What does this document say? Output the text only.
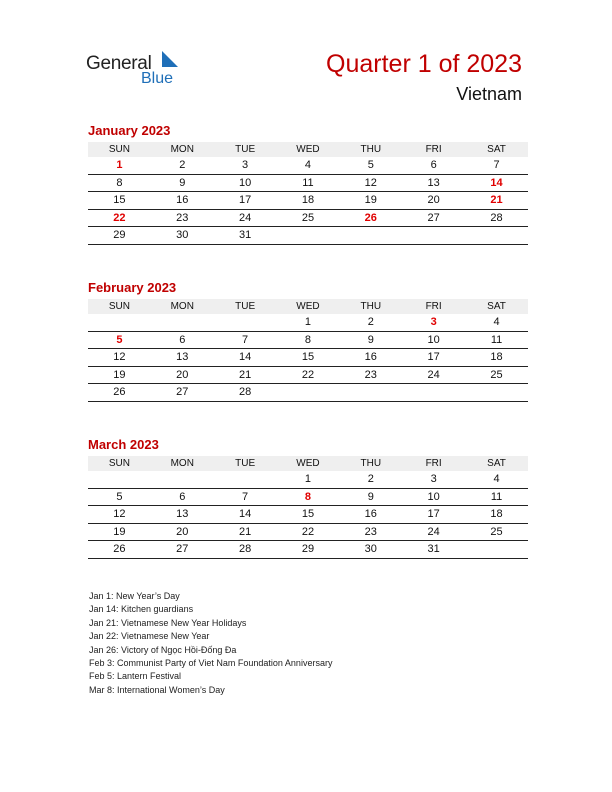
General
Blue
Quarter 1 of 2023
Vietnam
January 2023
SUN	MON	TUE	WED	THU	FRI	SAT
1	2	3	4	5	6	7
8	9	10	11	12	13	14
15	16	17	18	19	20	21
22	23	24	25	26	27	28
29	30	31				
February 2023
SUN	MON	TUE	WED	THU	FRI	SAT
			1	2	3	4
5	6	7	8	9	10	11
12	13	14	15	16	17	18
19	20	21	22	23	24	25
26	27	28				
March 2023
SUN	MON	TUE	WED	THU	FRI	SAT
			1	2	3	4
5	6	7	8	9	10	11
12	13	14	15	16	17	18
19	20	21	22	23	24	25
26	27	28	29	30	31	
Jan 1: New Year’s Day
Jan 14: Kitchen guardians
Jan 21: Vietnamese New Year Holidays
Jan 22: Vietnamese New Year
Jan 26: Victory of Ngọc Hồi-Đống Đa
Feb 3: Communist Party of Viet Nam Foundation Anniversary
Feb 5: Lantern Festival
Mar 8: International Women’s Day
